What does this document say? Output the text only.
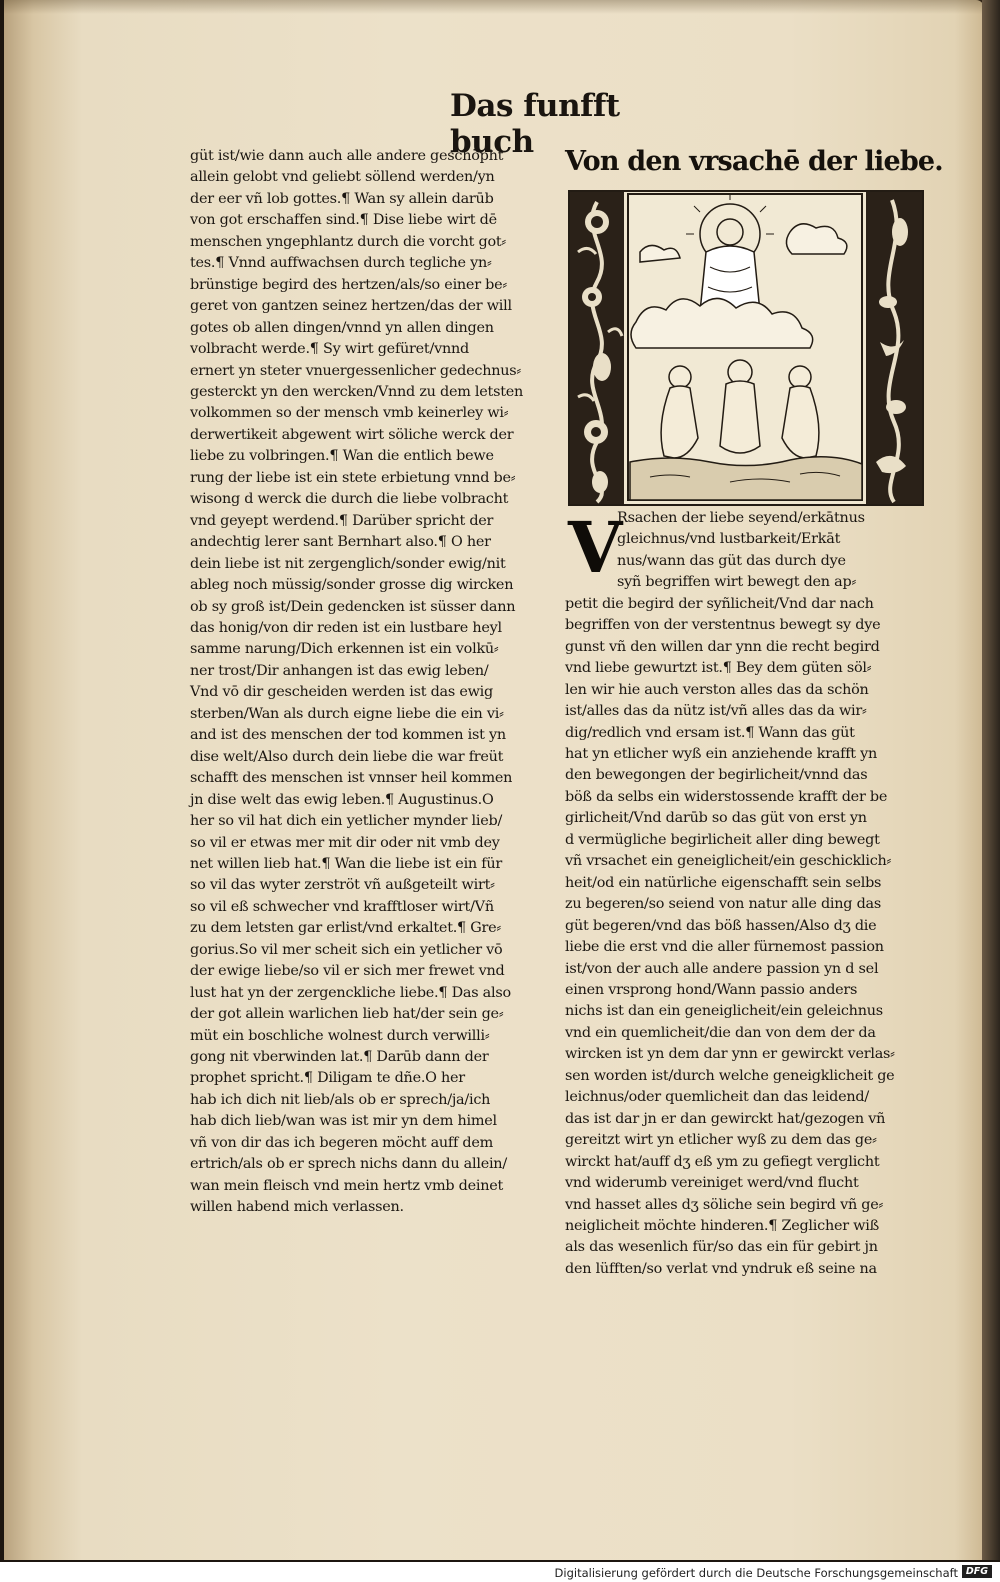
Das funfft buch
güt ist/wie dann auch alle andere geschöpht
allein gelobt vnd geliebt söllend werden/yn
der eer vñ lob gottes.¶ Wan sy allein darūb
von got erschaffen sind.¶ Dise liebe wirt dē
menschen yngephlantz durch die vorcht got⸗
tes.¶ Vnnd auffwachsen durch tegliche yn⸗
brünstige begird des hertzen/als/so einer be⸗
geret von gantzen seinez hertzen/das der will
gotes ob allen dingen/vnnd yn allen dingen
volbracht werde.¶ Sy wirt gefüret/vnnd
ernert yn steter vnuergessenlicher gedechnus⸗
gesterckt yn den wercken/Vnnd zu dem letsten
volkommen so der mensch vmb keinerley wi⸗
derwertikeit abgewent wirt söliche werck der
liebe zu volbringen.¶ Wan die entlich bewe
rung der liebe ist ein stete erbietung vnnd be⸗
wisong d werck die durch die liebe volbracht
vnd geyept werdend.¶ Darüber spricht der
andechtig lerer sant Bernhart also.¶ O her
dein liebe ist nit zergenglich/sonder ewig/nit
ableg noch müssig/sonder grosse dig wircken
ob sy groß ist/Dein gedencken ist süsser dann
das honig/von dir reden ist ein lustbare heyl
samme narung/Dich erkennen ist ein volkū⸗
ner trost/Dir anhangen ist das ewig leben/
Vnd vō dir gescheiden werden ist das ewig
sterben/Wan als durch eigne liebe die ein vi⸗
and ist des menschen der tod kommen ist yn
dise welt/Also durch dein liebe die war freüt
schafft des menschen ist vnnser heil kommen
jn dise welt das ewig leben.¶ Augustinus.O
her so vil hat dich ein yetlicher mynder lieb/
so vil er etwas mer mit dir oder nit vmb dey
net willen lieb hat.¶ Wan die liebe ist ein für
so vil das wyter zerströt vñ außgeteilt wirt⸗
so vil eß schwecher vnd krafftloser wirt/Vñ
zu dem letsten gar erlist/vnd erkaltet.¶ Gre⸗
gorius.So vil mer scheit sich ein yetlicher vō
der ewige liebe/so vil er sich mer frewet vnd
lust hat yn der zergenckliche liebe.¶ Das also
der got allein warlichen lieb hat/der sein ge⸗
müt ein boschliche wolnest durch verwilli⸗
gong nit vberwinden lat.¶ Darūb dann der
prophet spricht.¶ Diligam te dñe.O her
hab ich dich nit lieb/als ob er sprech/ja/ich
hab dich lieb/wan was ist mir yn dem himel
vñ von dir das ich begeren möcht auff dem
ertrich/als ob er sprech nichs dann du allein/
wan mein fleisch vnd mein hertz vmb deinet
willen habend mich verlassen.
Von den vrsachē der liebe.
V
Rsachen der liebe seyend/erkātnus
gleichnus/vnd lustbarkeit/Erkāt
nus/wann das güt das durch dye
syñ begriffen wirt bewegt den ap⸗
petit die begird der syñlicheit/Vnd dar nach
begriffen von der verstentnus bewegt sy dye
gunst vñ den willen dar ynn die recht begird
vnd liebe gewurtzt ist.¶ Bey dem güten söl⸗
len wir hie auch verston alles das da schön
ist/alles das da nütz ist/vñ alles das da wir⸗
dig/redlich vnd ersam ist.¶ Wann das güt
hat yn etlicher wyß ein anziehende krafft yn
den bewegongen der begirlicheit/vnnd das
böß da selbs ein widerstossende krafft der be
girlicheit/Vnd darūb so das güt von erst yn
d vermügliche begirlicheit aller ding bewegt
vñ vrsachet ein geneiglicheit/ein geschicklich⸗
heit/od ein natürliche eigenschafft sein selbs
zu begeren/so seiend von natur alle ding das
güt begeren/vnd das böß hassen/Also dʒ die
liebe die erst vnd die aller fürnemost passion
ist/von der auch alle andere passion yn d sel
einen vrsprong hond/Wann passio anders
nichs ist dan ein geneiglicheit/ein geleichnus
vnd ein quemlicheit/die dan von dem der da
wircken ist yn dem dar ynn er gewirckt verlas⸗
sen worden ist/durch welche geneigklicheit ge
leichnus/oder quemlicheit dan das leidend/
das ist dar jn er dan gewirckt hat/gezogen vñ
gereitzt wirt yn etlicher wyß zu dem das ge⸗
wirckt hat/auff dʒ eß ym zu gefiegt verglicht
vnd widerumb vereiniget werd/vnd flucht
vnd hasset alles dʒ söliche sein begird vñ ge⸗
neiglicheit möchte hinderen.¶ Zeglicher wiß
als das wesenlich für/so das ein für gebirt jn
den lüfften/so verlat vnd yndruk eß seine na
Digitalisierung gefördert durch die Deutsche Forschungsgemeinschaft DFG
